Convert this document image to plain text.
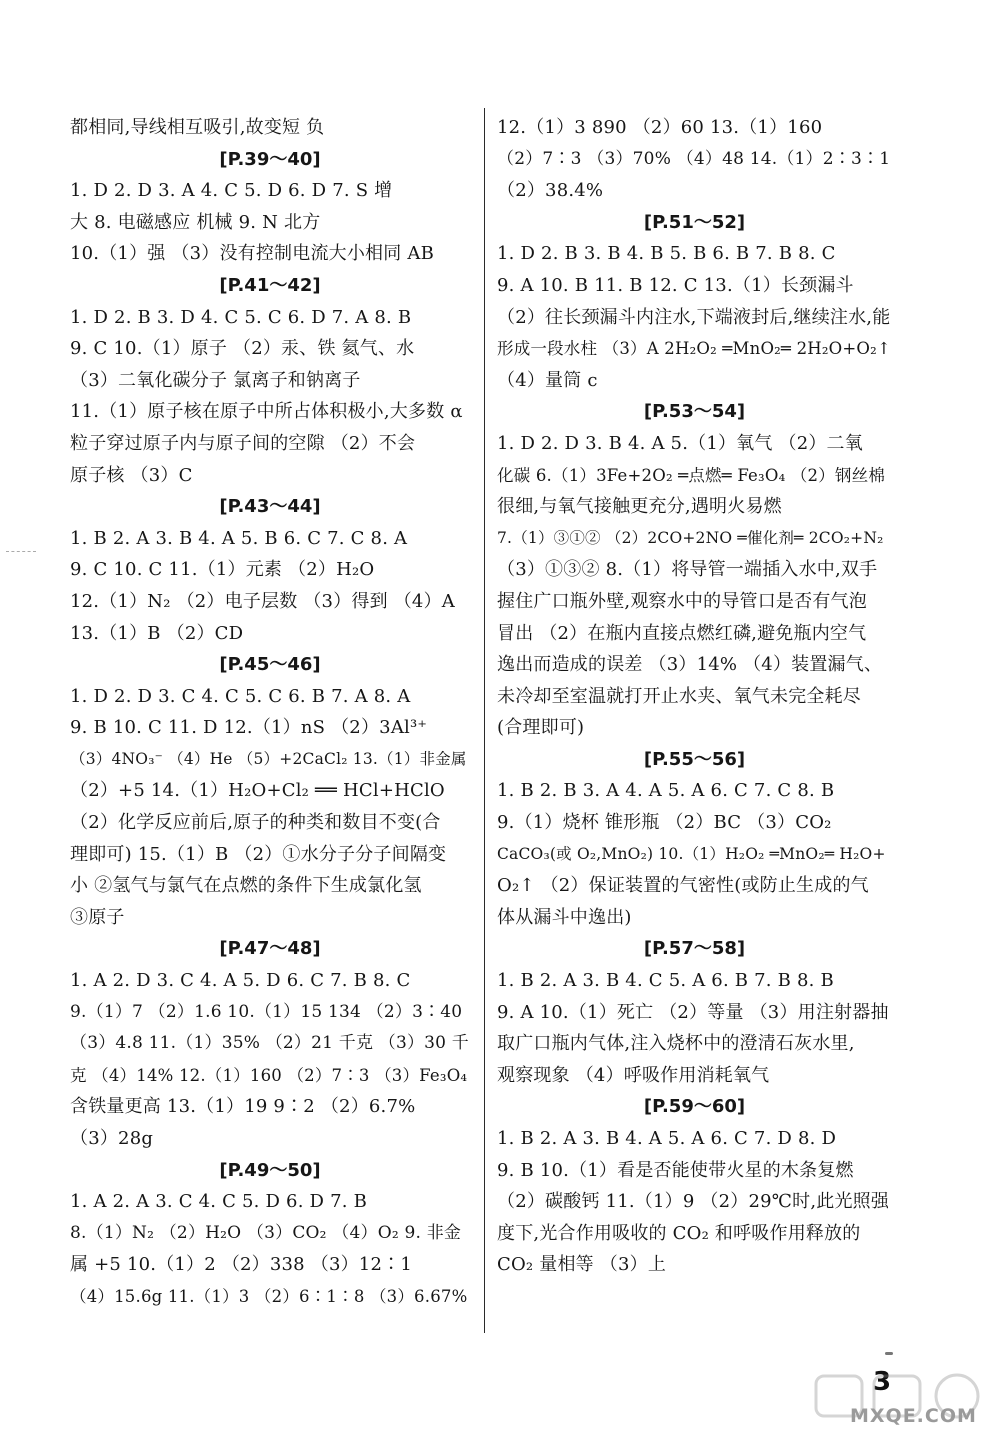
都相同,导线相互吸引,故变短 负
[P.39～40]
1. D 2. D 3. A 4. C 5. D 6. D 7. S 增
大 8. 电磁感应 机械 9. N 北方
10.（1）强 （3）没有控制电流大小相同 AB
[P.41～42]
1. D 2. B 3. D 4. C 5. C 6. D 7. A 8. B
9. C 10.（1）原子 （2）汞、铁 氦气、水
（3）二氧化碳分子 氯离子和钠离子
11.（1）原子核在原子中所占体积极小,大多数 α
粒子穿过原子内与原子间的空隙 （2）不会
原子核 （3）C
[P.43～44]
1. B 2. A 3. B 4. A 5. B 6. C 7. C 8. A
9. C 10. C 11.（1）元素 （2）H₂O
12.（1）N₂ （2）电子层数 （3）得到 （4）A
13.（1）B （2）CD
[P.45～46]
1. D 2. D 3. C 4. C 5. C 6. B 7. A 8. A
9. B 10. C 11. D 12.（1）nS （2）3Al³⁺
（3）4NO₃⁻ （4）He （5）+2CaCl₂ 13.（1）非金属
（2）+5 14.（1）H₂O+Cl₂ ══ HCl+HClO
（2）化学反应前后,原子的种类和数目不变(合
理即可) 15.（1）B （2）①水分子分子间隔变
小 ②氢气与氯气在点燃的条件下生成氯化氢
③原子
[P.47～48]
1. A 2. D 3. C 4. A 5. D 6. C 7. B 8. C
9.（1）7 （2）1.6 10.（1）15 134 （2）3∶40
（3）4.8 11.（1）35% （2）21 千克 （3）30 千
克 （4）14% 12.（1）160 （2）7∶3 （3）Fe₃O₄
含铁量更高 13.（1）19 9∶2 （2）6.7%
（3）28g
[P.49～50]
1. A 2. A 3. C 4. C 5. D 6. D 7. B
8.（1）N₂ （2）H₂O （3）CO₂ （4）O₂ 9. 非金
属 +5 10.（1）2 （2）338 （3）12∶1
（4）15.6g 11.（1）3 （2）6∶1∶8 （3）6.67%
12.（1）3 890 （2）60 13.（1）160
（2）7∶3 （3）70% （4）48 14.（1）2∶3∶1
（2）38.4%
[P.51～52]
1. D 2. B 3. B 4. B 5. B 6. B 7. B 8. C
9. A 10. B 11. B 12. C 13.（1）长颈漏斗
（2）往长颈漏斗内注水,下端液封后,继续注水,能
形成一段水柱 （3）A 2H₂O₂ ═MnO₂═ 2H₂O+O₂↑
（4）量筒 c
[P.53～54]
1. D 2. D 3. B 4. A 5.（1）氧气 （2）二氧
化碳 6.（1）3Fe+2O₂ ═点燃═ Fe₃O₄ （2）钢丝棉
很细,与氧气接触更充分,遇明火易燃
7.（1）③①② （2）2CO+2NO ═催化剂═ 2CO₂+N₂
（3）①③② 8.（1）将导管一端插入水中,双手
握住广口瓶外壁,观察水中的导管口是否有气泡
冒出 （2）在瓶内直接点燃红磷,避免瓶内空气
逸出而造成的误差 （3）14% （4）装置漏气、
未冷却至室温就打开止水夹、氧气未完全耗尽
(合理即可)
[P.55～56]
1. B 2. B 3. A 4. A 5. A 6. C 7. C 8. B
9.（1）烧杯 锥形瓶 （2）BC （3）CO₂
CaCO₃(或 O₂,MnO₂) 10.（1）H₂O₂ ═MnO₂═ H₂O+
O₂↑ （2）保证装置的气密性(或防止生成的气
体从漏斗中逸出)
[P.57～58]
1. B 2. A 3. B 4. C 5. A 6. B 7. B 8. B
9. A 10.（1）死亡 （2）等量 （3）用注射器抽
取广口瓶内气体,注入烧杯中的澄清石灰水里,
观察现象 （4）呼吸作用消耗氧气
[P.59～60]
1. B 2. A 3. B 4. A 5. A 6. C 7. D 8. D
9. B 10.（1）看是否能使带火星的木条复燃
（2）碳酸钙 11.（1）9 （2）29℃时,此光照强
度下,光合作用吸收的 CO₂ 和呼吸作用释放的
CO₂ 量相等 （3）上
3
MXQE.COM
